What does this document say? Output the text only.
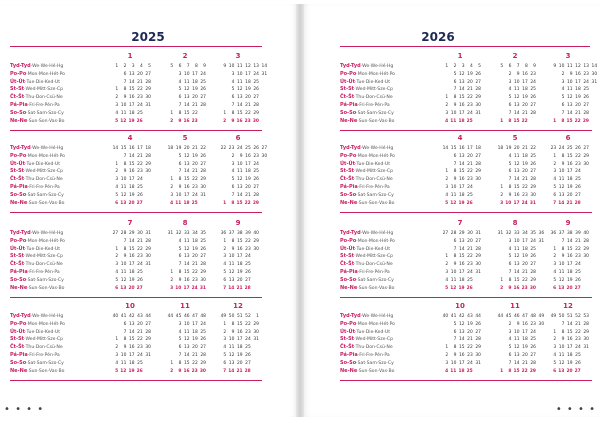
2025	2026
Tyd-Tyd·We·We·Hé·Hg
Po-Po·Mon·Mon·Hét·Po
Út-Út·Tue·Die·Ked·Ut
St-St·Wed·Mitt·Sze·Cp
Čt-Št·Thu·Don·Csü·Ne
Pá-Pia·Fri·Fre·Pén·Pa
So-So·Sat·Sam·Szo·Cy
Ne-Ne·Sun·Son·Vas·Bo
1
1 2 3 4 5
6 13 20 27
7 14 21 28
1 8 15 22 29
2 9 16 23 30
3 10 17 24 31
4 11 18 25
5 12 19 26
2
5 6 7 8 9
3 10 17 24
4 11 18 25
5 12 19 26
6 13 20 27
7 14 21 28
1 8 15 22
2 9 16 23
3
9 10 11 12 13 14
3 10 17 24 31
4 11 18 25
5 12 19 26
6 13 20 27
7 14 21 28
1 8 15 22 29
2 9 16 23 30
Tyd-Tyd·We·We·Hé·Hg
Po-Po·Mon·Mon·Hét·Po
Út-Út·Tue·Die·Ked·Ut
St-St·Wed·Mitt·Sze·Cp
Čt-Št·Thu·Don·Csü·Ne
Pá-Pia·Fri·Fre·Pén·Pa
So-So·Sat·Sam·Szo·Cy
Ne-Ne·Sun·Son·Vas·Bo
4
14 15 16 17 18
7 14 21 28
1 8 15 22 29
2 9 16 23 30
3 10 17 24
4 11 18 25
5 12 19 26
6 13 20 27
5
18 19 20 21 22
5 12 19 26
6 13 20 27
7 14 21 28
1 8 15 22 29
2 9 16 23 30
3 10 17 24 31
4 11 18 25
6
22 23 24 25 26 27
2 9 16 23 30
3 10 17 24
4 11 18 25
5 12 19 26
6 13 20 27
7 14 21 28
1 8 15 22 29
Tyd-Tyd·We·We·Hé·Hg
Po-Po·Mon·Mon·Hét·Po
Út-Út·Tue·Die·Ked·Ut
St-St·Wed·Mitt·Sze·Cp
Čt-Št·Thu·Don·Csü·Ne
Pá-Pia·Fri·Fre·Pén·Pa
So-So·Sat·Sam·Szo·Cy
Ne-Ne·Sun·Son·Vas·Bo
7
27 28 29 30 31
7 14 21 28
1 8 15 22 29
2 9 16 23 30
3 10 17 24 31
4 11 18 25
5 12 19 26
6 13 20 27
8
31 32 33 34 35
4 11 18 25
5 12 19 26
6 13 20 27
7 14 21 28
1 8 15 22 29
2 9 16 23 30
3 10 17 24 31
9
36 37 38 39 40
1 8 15 22 29
2 9 16 23 30
3 10 17 24
4 11 18 25
5 12 19 26
6 13 20 27
7 14 21 28
Tyd-Tyd·We·We·Hé·Hg
Po-Po·Mon·Mon·Hét·Po
Út-Út·Tue·Die·Ked·Ut
St-St·Wed·Mitt·Sze·Cp
Čt-Št·Thu·Don·Csü·Ne
Pá-Pia·Fri·Fre·Pén·Pa
So-So·Sat·Sam·Szo·Cy
Ne-Ne·Sun·Son·Vas·Bo
10
40 41 42 43 44
6 13 20 27
7 14 21 28
1 8 15 22 29
2 9 16 23 30
3 10 17 24 31
4 11 18 25
5 12 19 26
11
44 45 46 47 48
3 10 17 24
4 11 18 25
5 12 19 26
6 13 20 27
7 14 21 28
1 8 15 22 29
2 9 16 23 30
12
49 50 51 52 1
1 8 15 22 29
2 9 16 23 30
3 10 17 24 31
4 11 18 25
5 12 19 26
6 13 20 27
7 14 21 28
Tyd-Tyd·We·We·Hé·Hg
Po-Po·Mon·Mon·Hét·Po
Út-Út·Tue·Die·Ked·Ut
St-St·Wed·Mitt·Sze·Cp
Čt-Št·Thu·Don·Csü·Ne
Pá-Pia·Fri·Fre·Pén·Pa
So-So·Sat·Sam·Szo·Cy
Ne-Ne·Sun·Son·Vas·Bo
1
1 2 3 4 5
5 12 19 26
6 13 20 27
7 14 21 28
1 8 15 22 29
2 9 16 23 30
3 10 17 24 31
4 11 18 25
2
5 6 7 8 9
2 9 16 23
3 10 17 24
4 11 18 25
5 12 19 26
6 13 20 27
7 14 21 28
1 8 15 22
3
9 10 11 12 13 14
2 9 16 23 30
3 10 17 24 31
4 11 18 25
5 12 19 26
6 13 20 27
7 14 21 28
1 8 15 22 29
Tyd-Tyd·We·We·Hé·Hg
Po-Po·Mon·Mon·Hét·Po
Út-Út·Tue·Die·Ked·Ut
St-St·Wed·Mitt·Sze·Cp
Čt-Št·Thu·Don·Csü·Ne
Pá-Pia·Fri·Fre·Pén·Pa
So-So·Sat·Sam·Szo·Cy
Ne-Ne·Sun·Son·Vas·Bo
4
14 15 16 17 18
6 13 20 27
7 14 21 28
1 8 15 22 29
2 9 16 23 30
3 10 17 24
4 11 18 25
5 12 19 26
5
18 19 20 21 22
4 11 18 25
5 12 19 26
6 13 20 27
7 14 21 28
1 8 15 22 29
2 9 16 23 30
3 10 17 24 31
6
23 24 25 26 27
1 8 15 22 29
2 9 16 23 30
3 10 17 24
4 11 18 25
5 12 19 26
6 13 20 27
7 14 21 28
Tyd-Tyd·We·We·Hé·Hg
Po-Po·Mon·Mon·Hét·Po
Út-Út·Tue·Die·Ked·Ut
St-St·Wed·Mitt·Sze·Cp
Čt-Št·Thu·Don·Csü·Ne
Pá-Pia·Fri·Fre·Pén·Pa
So-So·Sat·Sam·Szo·Cy
Ne-Ne·Sun·Son·Vas·Bo
7
27 28 29 30 31
6 13 20 27
7 14 21 28
1 8 15 22 29
2 9 16 23 30
3 10 17 24 31
4 11 18 25
5 12 19 26
8
31 32 33 34 35 36
3 10 17 24 31
4 11 18 25
5 12 19 26
6 13 20 27
7 14 21 28
1 8 15 22 29
2 9 16 23 30
9
36 37 38 39 40
7 14 21 28
1 8 15 22 29
2 9 16 23 30
3 10 17 24
4 11 18 25
5 12 19 26
6 13 20 27
Tyd-Tyd·We·We·Hé·Hg
Po-Po·Mon·Mon·Hét·Po
Út-Út·Tue·Die·Ked·Ut
St-St·Wed·Mitt·Sze·Cp
Čt-Št·Thu·Don·Csü·Ne
Pá-Pia·Fri·Fre·Pén·Pa
So-So·Sat·Sam·Szo·Cy
Ne-Ne·Sun·Son·Vas·Bo
10
40 41 42 43 44
5 12 19 26
6 13 20 27
7 14 21 28
1 8 15 22 29
2 9 16 23 30
3 10 17 24 31
4 11 18 25
11
44 45 46 47 48 49
2 9 16 23 30
3 10 17 24
4 11 18 25
5 12 19 26
6 13 20 27
7 14 21 28
1 8 15 22 29
12
49 50 51 52 53
7 14 21 28
1 8 15 22 29
2 9 16 23 30
3 10 17 24 31
4 11 18 25
5 12 19 26
6 13 20 27
• • • •	• • • •
